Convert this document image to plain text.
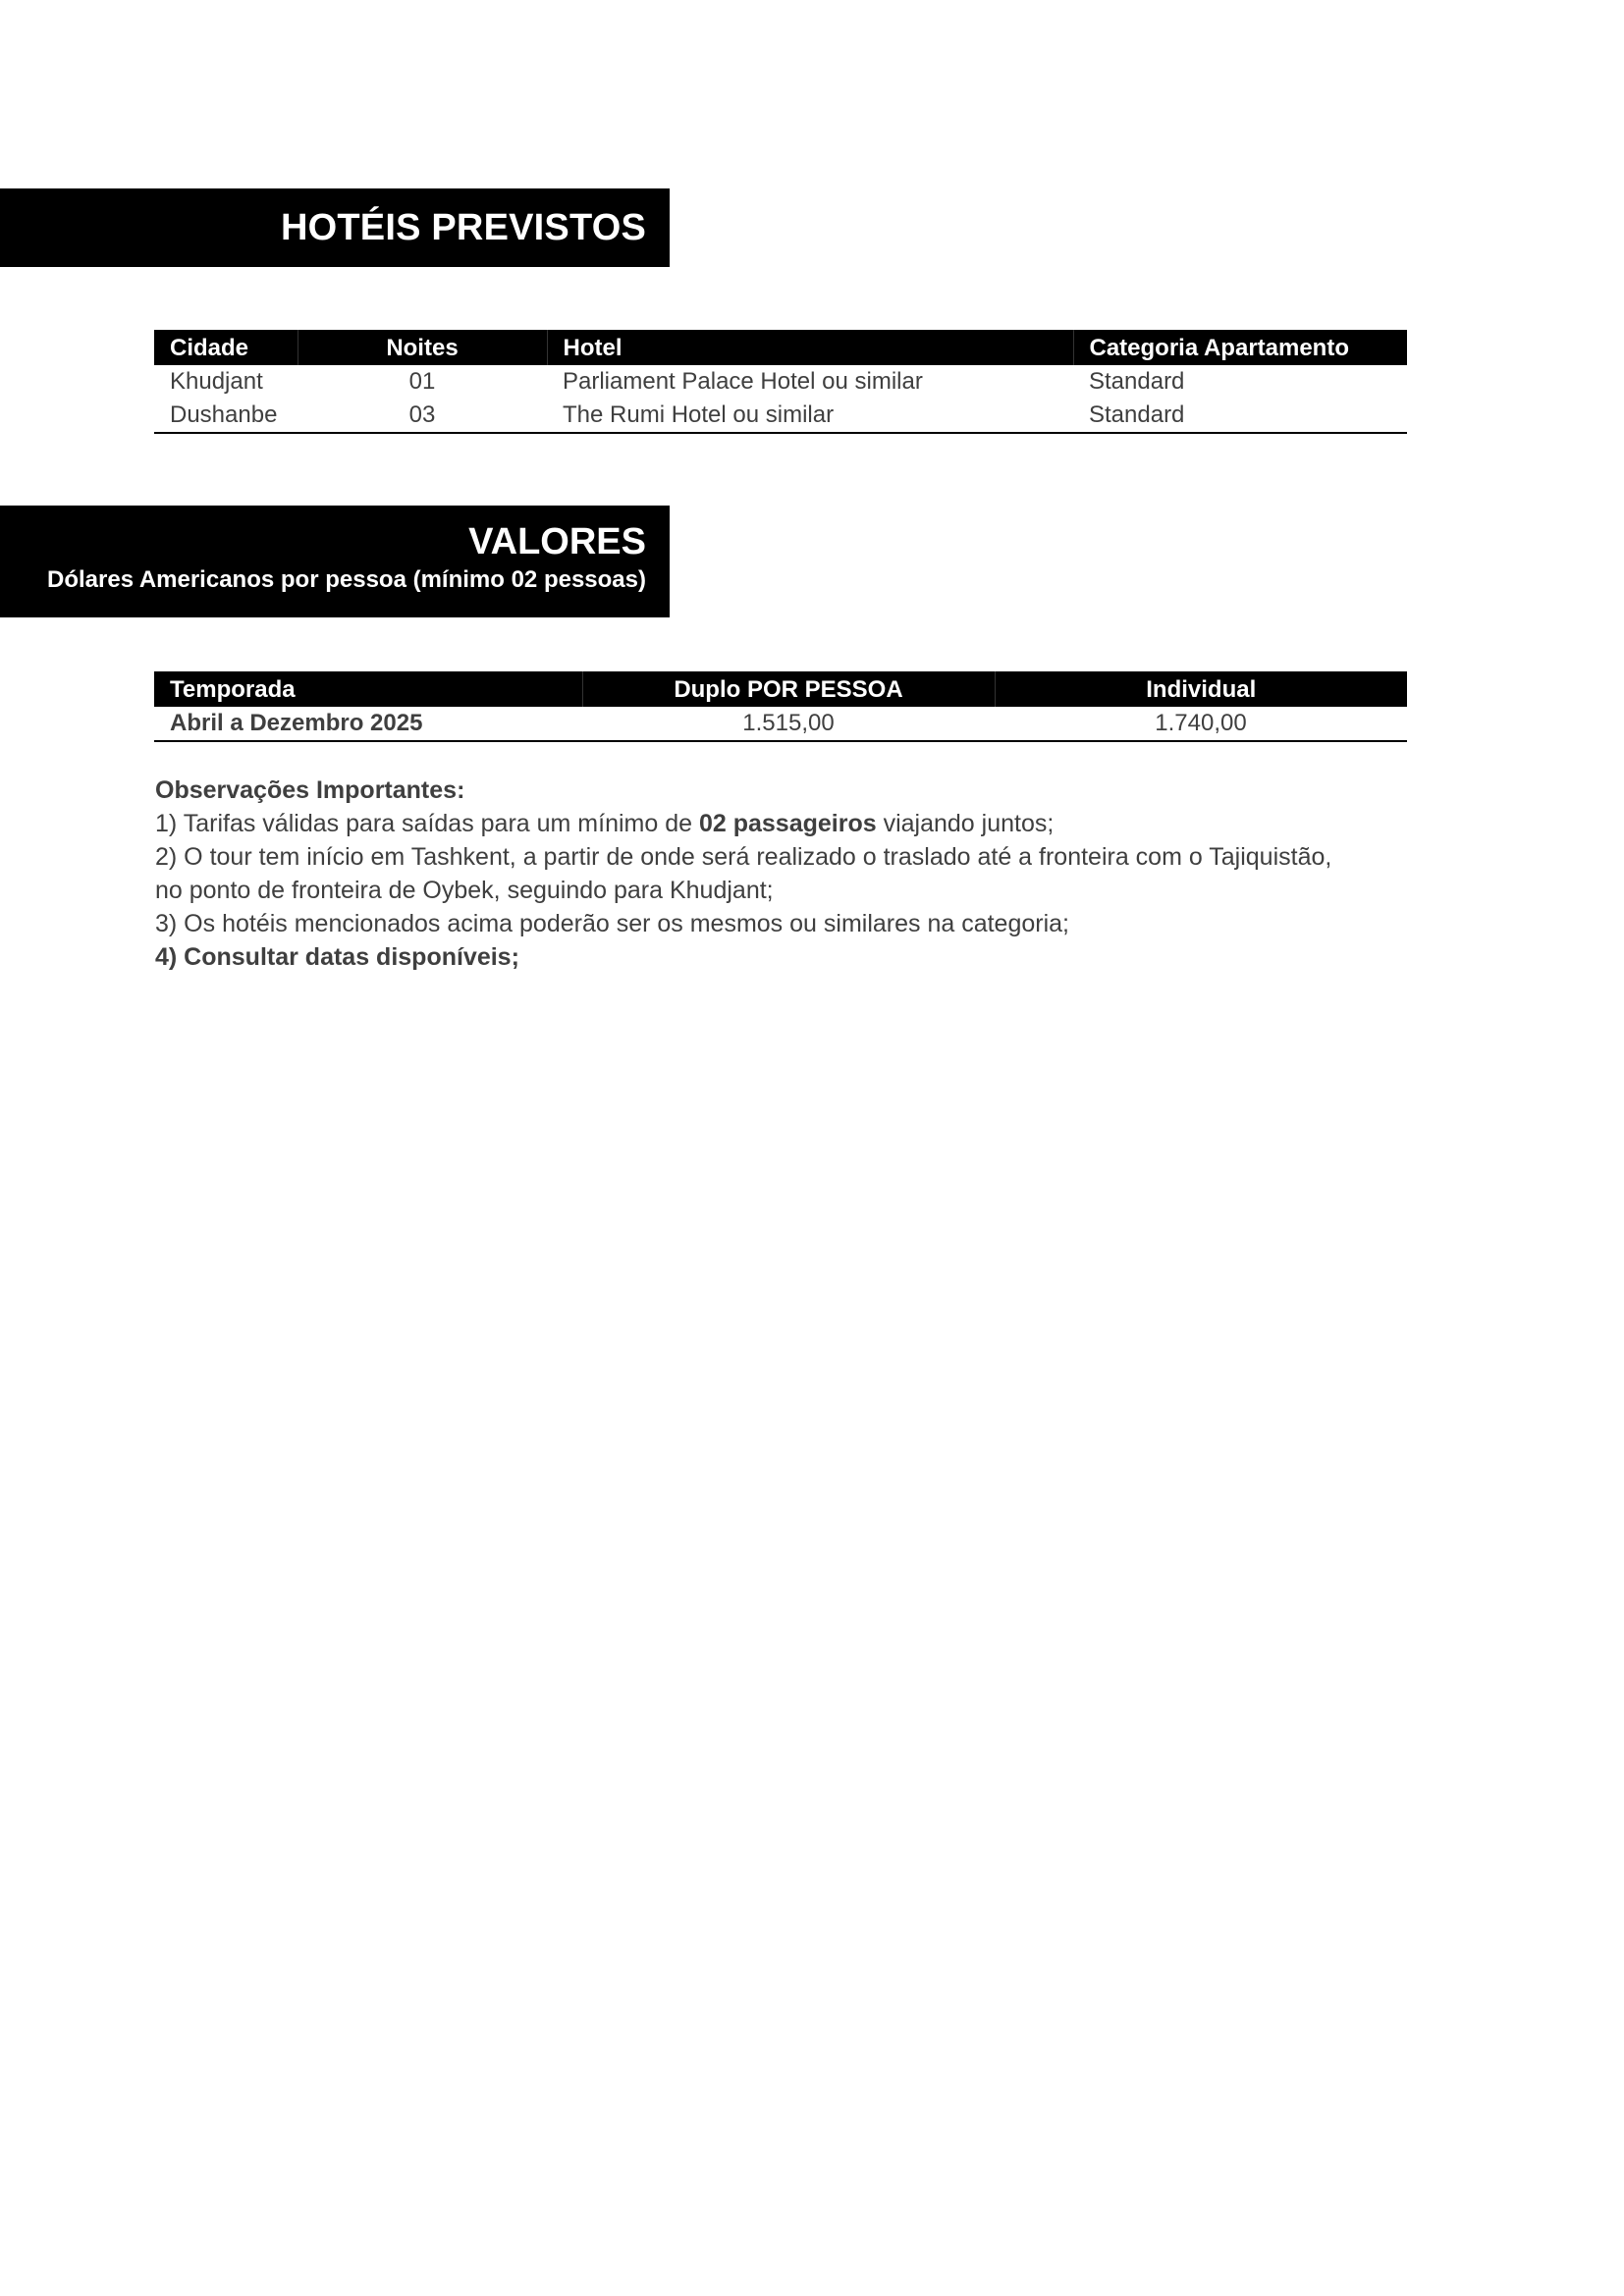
HOTÉIS PREVISTOS
Cidade	Noites	Hotel	Categoria Apartamento
Khudjant	01	Parliament Palace Hotel ou similar	Standard
Dushanbe	03	The Rumi Hotel ou similar	Standard
VALORES
Dólares Americanos por pessoa (mínimo 02 pessoas)
Temporada	Duplo POR PESSOA	Individual
Abril a Dezembro 2025	1.515,00	1.740,00

Observações Importantes:

1) Tarifas válidas para saídas para um mínimo de 02 passageiros viajando juntos;

2) O tour tem início em Tashkent, a partir de onde será realizado o traslado até a fronteira com o Tajiquistão,

no ponto de fronteira de Oybek, seguindo para Khudjant;

3) Os hotéis mencionados acima poderão ser os mesmos ou similares na categoria;

4) Consultar datas disponíveis;
